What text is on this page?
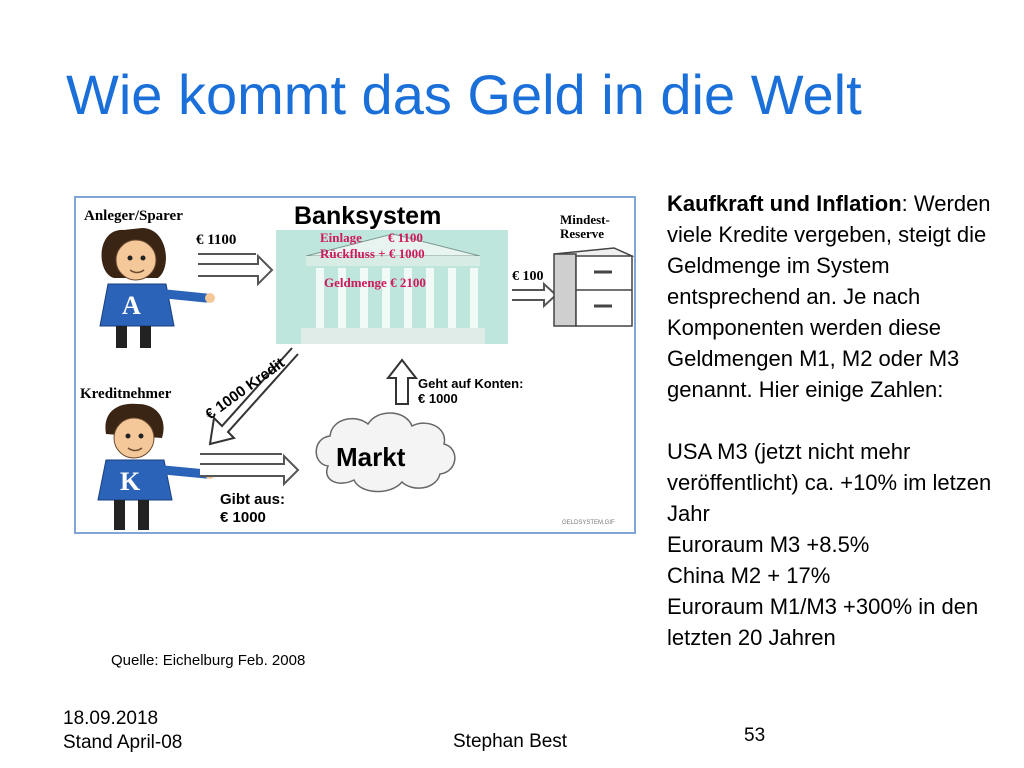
Wie kommt das Geld in die Welt
Anleger/Sparer
A
€ 1100
Banksystem
Einlage        € 1100
Rückfluss + € 1000
Geldmenge € 2100	€ 100
Mindest-
Reserve
Kreditnehmer
K
€ 1000 Kredit	Geht auf Konten:
€ 1000
Markt
Gibt aus:
€ 1000	GELDSYSTEM.GIF

Kaufkraft und Inflation: Werden viele Kredite vergeben, steigt die Geldmenge im System entsprechend an. Je nach Komponenten werden diese Geldmengen M1, M2 oder M3 genannt. Hier einige Zahlen:

USA M3 (jetzt nicht mehr veröffentlicht) ca. +10% im letzen Jahr

Euroraum M3 +8.5%

China M2 + 17%

Euroraum M1/M3 +300% in den letzten 20 Jahren

Quelle: Eichelburg Feb. 2008
18.09.2018
Stand April-08	Stephan Best	53
